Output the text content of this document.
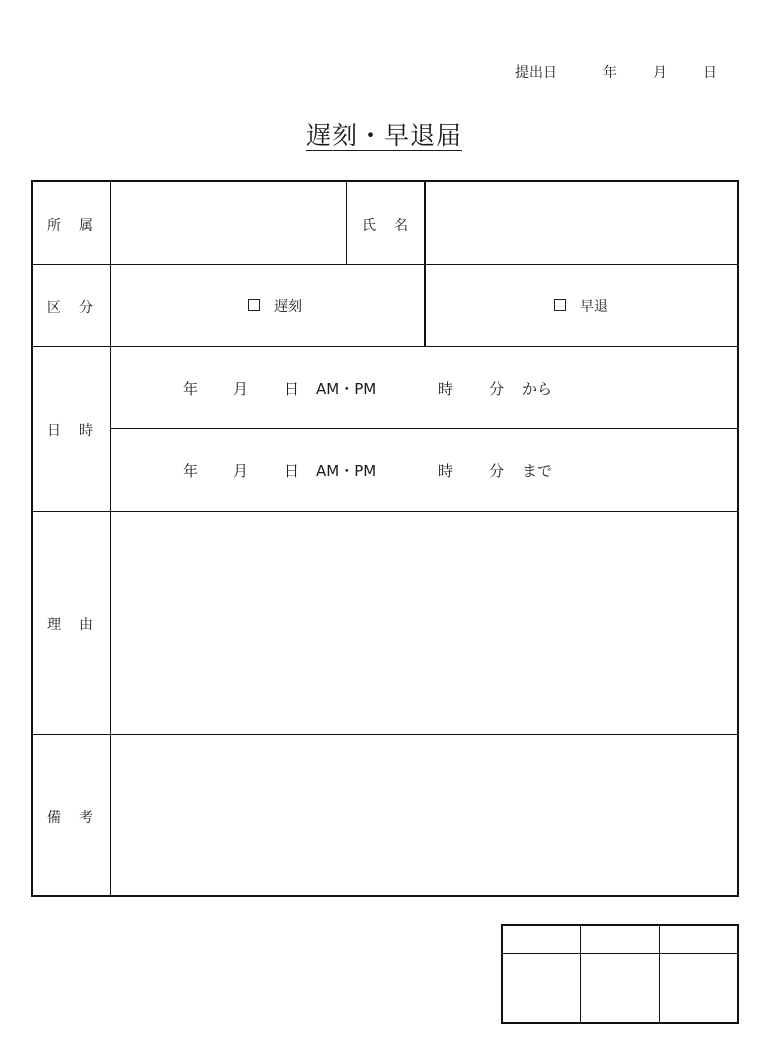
提出日	年	月	日
遅刻・早退届
所 属	氏 名
区 分	遅刻	早退
日 時
年 月 日 AM・PM	時 分 から
年 月 日 AM・PM	時 分 まで
理 由
備 考
